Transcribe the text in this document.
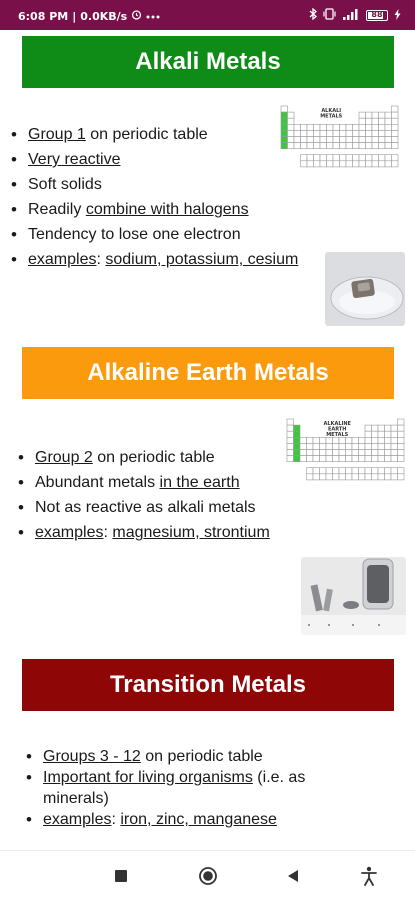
6:08 PM | 0.0KB/s	88
Alkali Metals
• Group 1 on periodic table
• Very reactive
• Soft solids
• Readily combine with halogens
• Tendency to lose one electron
• examples: sodium, potassium, cesium
ALKALI
METALS
Alkaline Earth Metals
• Group 2 on periodic table
• Abundant metals in the earth
• Not as reactive as alkali metals
• examples: magnesium, strontium
ALKALINE
EARTH
METALS
Transition Metals
• Groups 3 - 12 on periodic table
• Important for living organisms (i.e. as minerals)
• examples: iron, zinc, manganese
